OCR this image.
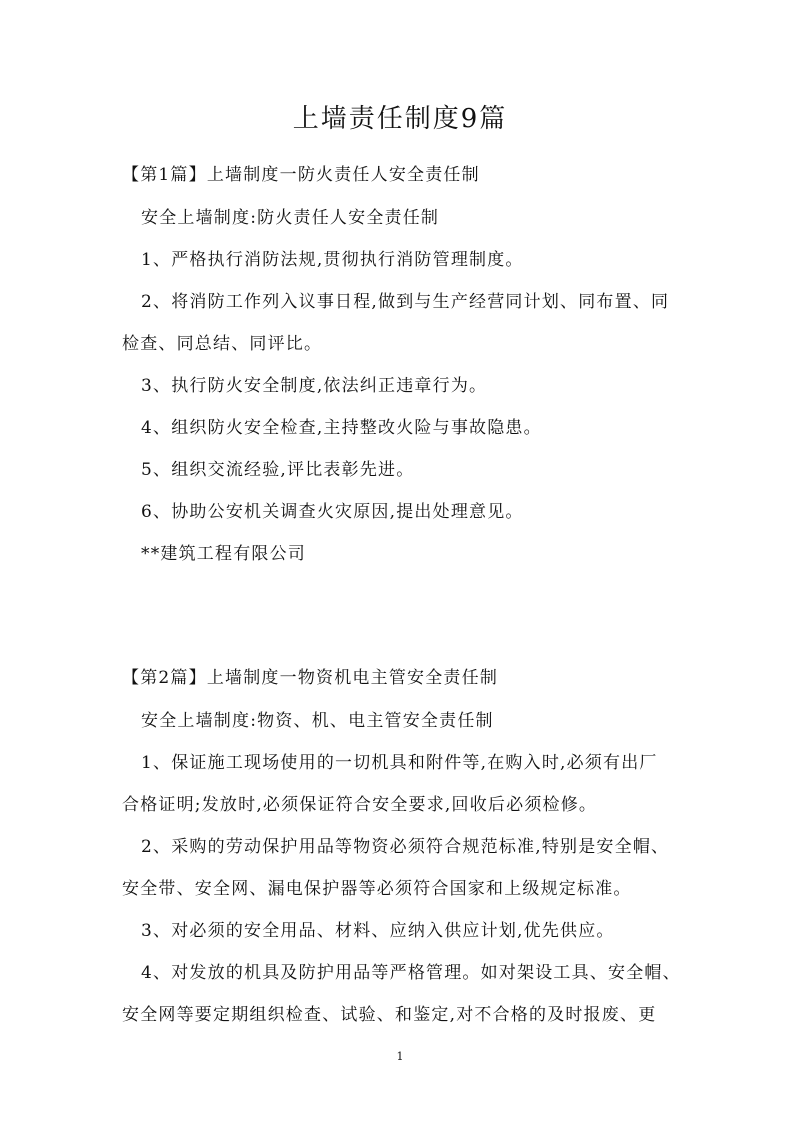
上墙责任制度9篇

【第1篇】上墙制度一防火责任人安全责任制

安全上墙制度:防火责任人安全责任制

1、严格执行消防法规,贯彻执行消防管理制度。

2、将消防工作列入议事日程,做到与生产经营同计划、同布置、同

检查、同总结、同评比。

3、执行防火安全制度,依法纠正违章行为。

4、组织防火安全检查,主持整改火险与事故隐患。

5、组织交流经验,评比表彰先进。

6、协助公安机关调查火灾原因,提出处理意见。

**建筑工程有限公司

【第2篇】上墙制度一物资机电主管安全责任制

安全上墙制度:物资、机、电主管安全责任制

1、保证施工现场使用的一切机具和附件等,在购入时,必须有出厂

合格证明;发放时,必须保证符合安全要求,回收后必须检修。

2、采购的劳动保护用品等物资必须符合规范标准,特别是安全帽、

安全带、安全网、漏电保护器等必须符合国家和上级规定标准。

3、对必须的安全用品、材料、应纳入供应计划,优先供应。

4、对发放的机具及防护用品等严格管理。如对架设工具、安全帽、

安全网等要定期组织检查、试验、和鉴定,对不合格的及时报废、更

1
